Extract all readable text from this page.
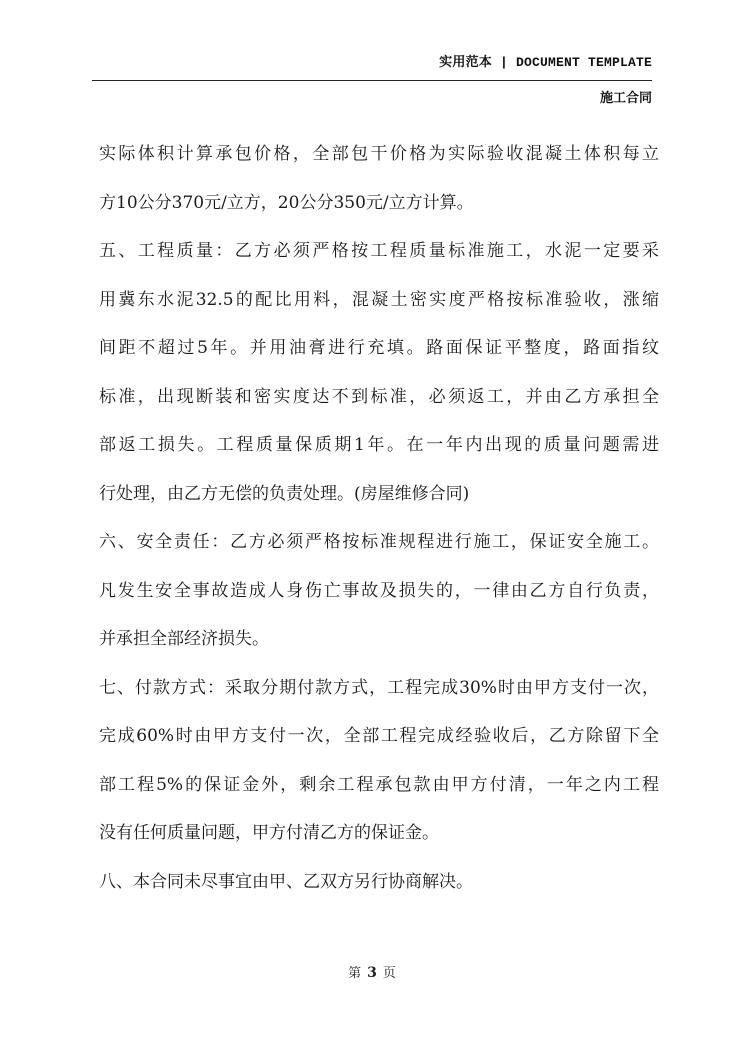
实用范本 | DOCUMENT TEMPLATE
施工合同
实际体积计算承包价格，全部包干价格为实际验收混凝土体积每立
方10公分370元/立方，20公分350元/立方计算。
五、工程质量：乙方必须严格按工程质量标准施工，水泥一定要采
用冀东水泥32.5的配比用料，混凝土密实度严格按标准验收，涨缩
间距不超过5年。并用油膏进行充填。路面保证平整度，路面指纹
标准，出现断装和密实度达不到标准，必须返工，并由乙方承担全
部返工损失。工程质量保质期1年。在一年内出现的质量问题需进
行处理，由乙方无偿的负责处理。(房屋维修合同)
六、安全责任：乙方必须严格按标准规程进行施工，保证安全施工。
凡发生安全事故造成人身伤亡事故及损失的，一律由乙方自行负责，
并承担全部经济损失。
七、付款方式：采取分期付款方式，工程完成30%时由甲方支付一次，
完成60%时由甲方支付一次，全部工程完成经验收后，乙方除留下全
部工程5%的保证金外，剩余工程承包款由甲方付清，一年之内工程
没有任何质量问题，甲方付清乙方的保证金。
八、本合同未尽事宜由甲、乙双方另行协商解决。
第 3 页
